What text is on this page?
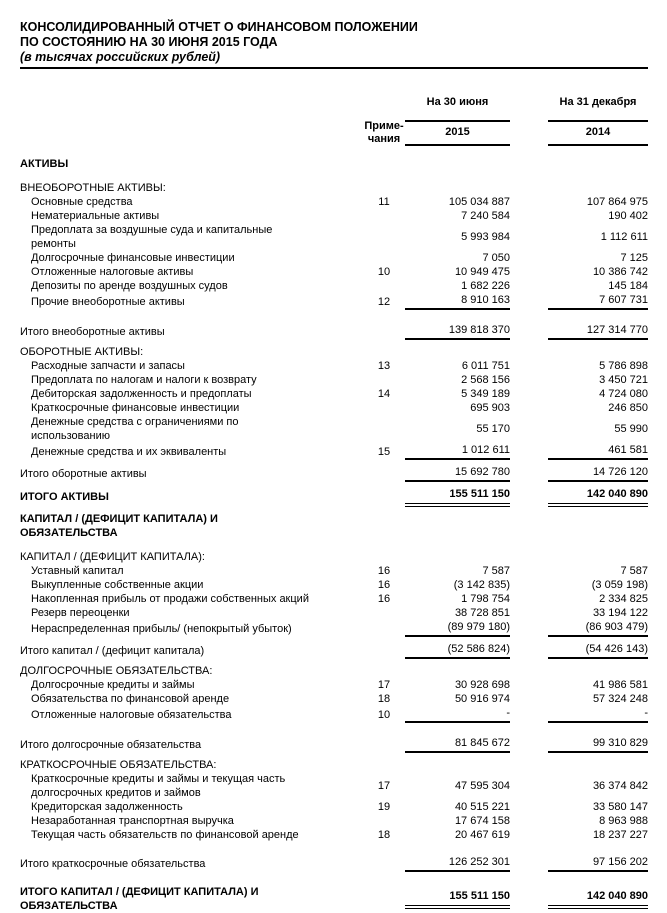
КОНСОЛИДИРОВАННЫЙ ОТЧЕТ О ФИНАНСОВОМ ПОЛОЖЕНИИ
ПО СОСТОЯНИЮ НА 30 ИЮНЯ 2015 ГОДА
(в тысячах российских рублей)
Приме-
чания
На 30 июня
2015
На 31 декабря
2014
АКТИВЫ
ВНЕОБОРОТНЫЕ АКТИВЫ:
Основные средства	11	105 034 887	107 864 975
Нематериальные активы	7 240 584	190 402
Предоплата за воздушные суда и капитальные
ремонты
5 993 984	1 112 611
Долгосрочные финансовые инвестиции	7 050	7 125
Отложенные налоговые активы	10	10 949 475	10 386 742
Депозиты по аренде воздушных судов	1 682 226	145 184
Прочие внеоборотные активы	12	8 910 163	7 607 731
Итого внеоборотные активы	139 818 370	127 314 770
ОБОРОТНЫЕ АКТИВЫ:
Расходные запчасти и запасы	13	6 011 751	5 786 898
Предоплата по налогам и налоги к возврату	2 568 156	3 450 721
Дебиторская задолженность и предоплаты	14	5 349 189	4 724 080
Краткосрочные финансовые инвестиции	695 903	246 850
Денежные средства с ограничениями по
использованию
55 170	55 990
Денежные средства и их эквиваленты	15	1 012 611	461 581
Итого оборотные активы	15 692 780	14 726 120
ИТОГО АКТИВЫ	155 511 150	142 040 890
КАПИТАЛ / (ДЕФИЦИТ КАПИТАЛА) И
ОБЯЗАТЕЛЬСТВА
КАПИТАЛ / (ДЕФИЦИТ КАПИТАЛА):
Уставный капитал	16	7 587	7 587
Выкупленные собственные акции	16	(3 142 835)	(3 059 198)
Накопленная прибыль от продажи собственных акций	16	1 798 754	2 334 825
Резерв переоценки	38 728 851	33 194 122
Нераспределенная прибыль/ (непокрытый убыток)	(89 979 180)	(86 903 479)
Итого капитал / (дефицит капитала)	(52 586 824)	(54 426 143)
ДОЛГОСРОЧНЫЕ ОБЯЗАТЕЛЬСТВА:
Долгосрочные кредиты и займы	17	30 928 698	41 986 581
Обязательства по финансовой аренде	18	50 916 974	57 324 248
Отложенные налоговые обязательства	10	-	-
Итого долгосрочные обязательства	81 845 672	99 310 829
КРАТКОСРОЧНЫЕ ОБЯЗАТЕЛЬСТВА:
Краткосрочные кредиты и займы и текущая часть
долгосрочных кредитов и займов
17	47 595 304	36 374 842
Кредиторская задолженность	19	40 515 221	33 580 147
Незаработанная транспортная выручка	17 674 158	8 963 988
Текущая часть обязательств по финансовой аренде	18	20 467 619	18 237 227
Итого краткосрочные обязательства	126 252 301	97 156 202
ИТОГО КАПИТАЛ / (ДЕФИЦИТ КАПИТАЛА) И
ОБЯЗАТЕЛЬСТВА
155 511 150	142 040 890
